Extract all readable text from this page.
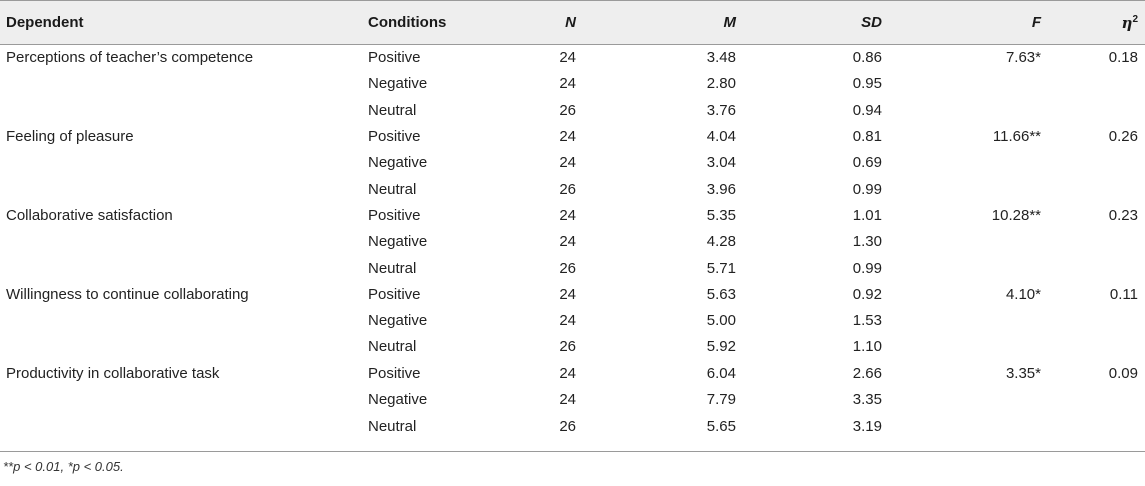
Dependent	Conditions	N	M	SD	F	$\eta^2$
Perceptions of teacher’s competence	Positive	24	3.48	0.86	7.63*	0.18
	Negative	24	2.80	0.95		
	Neutral	26	3.76	0.94		
Feeling of pleasure	Positive	24	4.04	0.81	11.66**	0.26
	Negative	24	3.04	0.69		
	Neutral	26	3.96	0.99		
Collaborative satisfaction	Positive	24	5.35	1.01	10.28**	0.23
	Negative	24	4.28	1.30		
	Neutral	26	5.71	0.99		
Willingness to continue collaborating	Positive	24	5.63	0.92	4.10*	0.11
	Negative	24	5.00	1.53		
	Neutral	26	5.92	1.10		
Productivity in collaborative task	Positive	24	6.04	2.66	3.35*	0.09
	Negative	24	7.79	3.35		
	Neutral	26	5.65	3.19		

**p < 0.01, *p < 0.05.
